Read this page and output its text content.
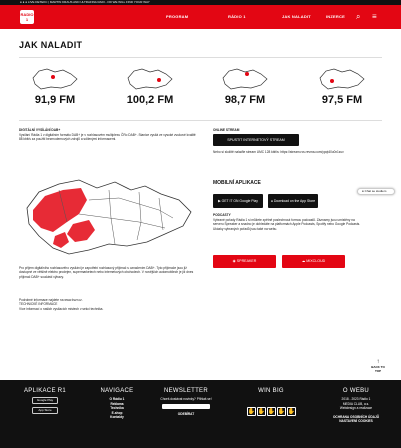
● ● ● LIVE DETEKC | MARTIN KRAUS AND ULTRAFINA RADI - OD WE WILL FIND YOUR WAY
RADIO 1
PROGRAM	RÁDIO 1	JAK NALADIT	INZERCE ⌕ ≡
JAK NALADIT
91,9 FM	100,2 FM	98,7 FM	97,5 FM
DIGITÁLNÍ VYSÍLÁNÍ DAB+
Vysílání Rádia 1 v digitálním formátu DAB+ je v rozhlasovém multiplexu ČRo DAB+. Stanice vysílá ve vysoké zvukové kvalitě 88 kbit/s za použití bezmodemových zdrojů a sdílenými informacemi.
Pro příjem digitálního rozhlasového vysílání je zapotřebí rozhlasový přijímač s označením DAB+. Tyto přijímače jsou již dostupné ve většině elektro prodejen, supermarketech nebo internetových obchodech. V novějších automobilech je již dnes příjímač DAB+ součástí výbavy.
Podrobné informace najdete na www.kvzr.cz.
TECHNICKÉ INFORMACE
Více informací o našich vysílacích místech v sekci technika.
ONLINE STREAM
SPUSTIT INTERNETOVÝ STREAM
Nebo si složitě nalaďte stream UMC 128 kbit/s: https://stream.rcs.revma.com/ypqt40u0x1zuv
MOBILNÍ APLIKACE
▶ GET IT ON Google Play	● Download on the App Store
PODCASTY
Vybrané pořady Rádia 1 si můžete zpětně poslechnout formou podcastů. Záznamy jsou umístěny na serveru Spreaker a snadno je dohledáte na platformách Apple Podcasts, Spotify nebo Google Podcasts. Ukázky vybraných pořadů jsou také na webu.
◉ SPREAKER	☁ MIXCLOUD
● Chat se studiem
↑
BACK TO TOP
APLIKACE R1
Google Play
App Store
NAVIGACE
O Rádiu 1
Reklama
Technika
E-shop
Kontakty
NEWSLETTER
Chceš dostávat novinky? Přihlaš se!
ODEBÍRAT
WIN BIG
✋ ✋ ✋ ✋ ✋
O WEBU
2018 - 2023 Rádio 1
MEDIA CLUB, a.s.
Webdesign a realizace
OCHRANA OSOBNÍCH ÚDAJŮ
NASTAVENÍ COOKIES
